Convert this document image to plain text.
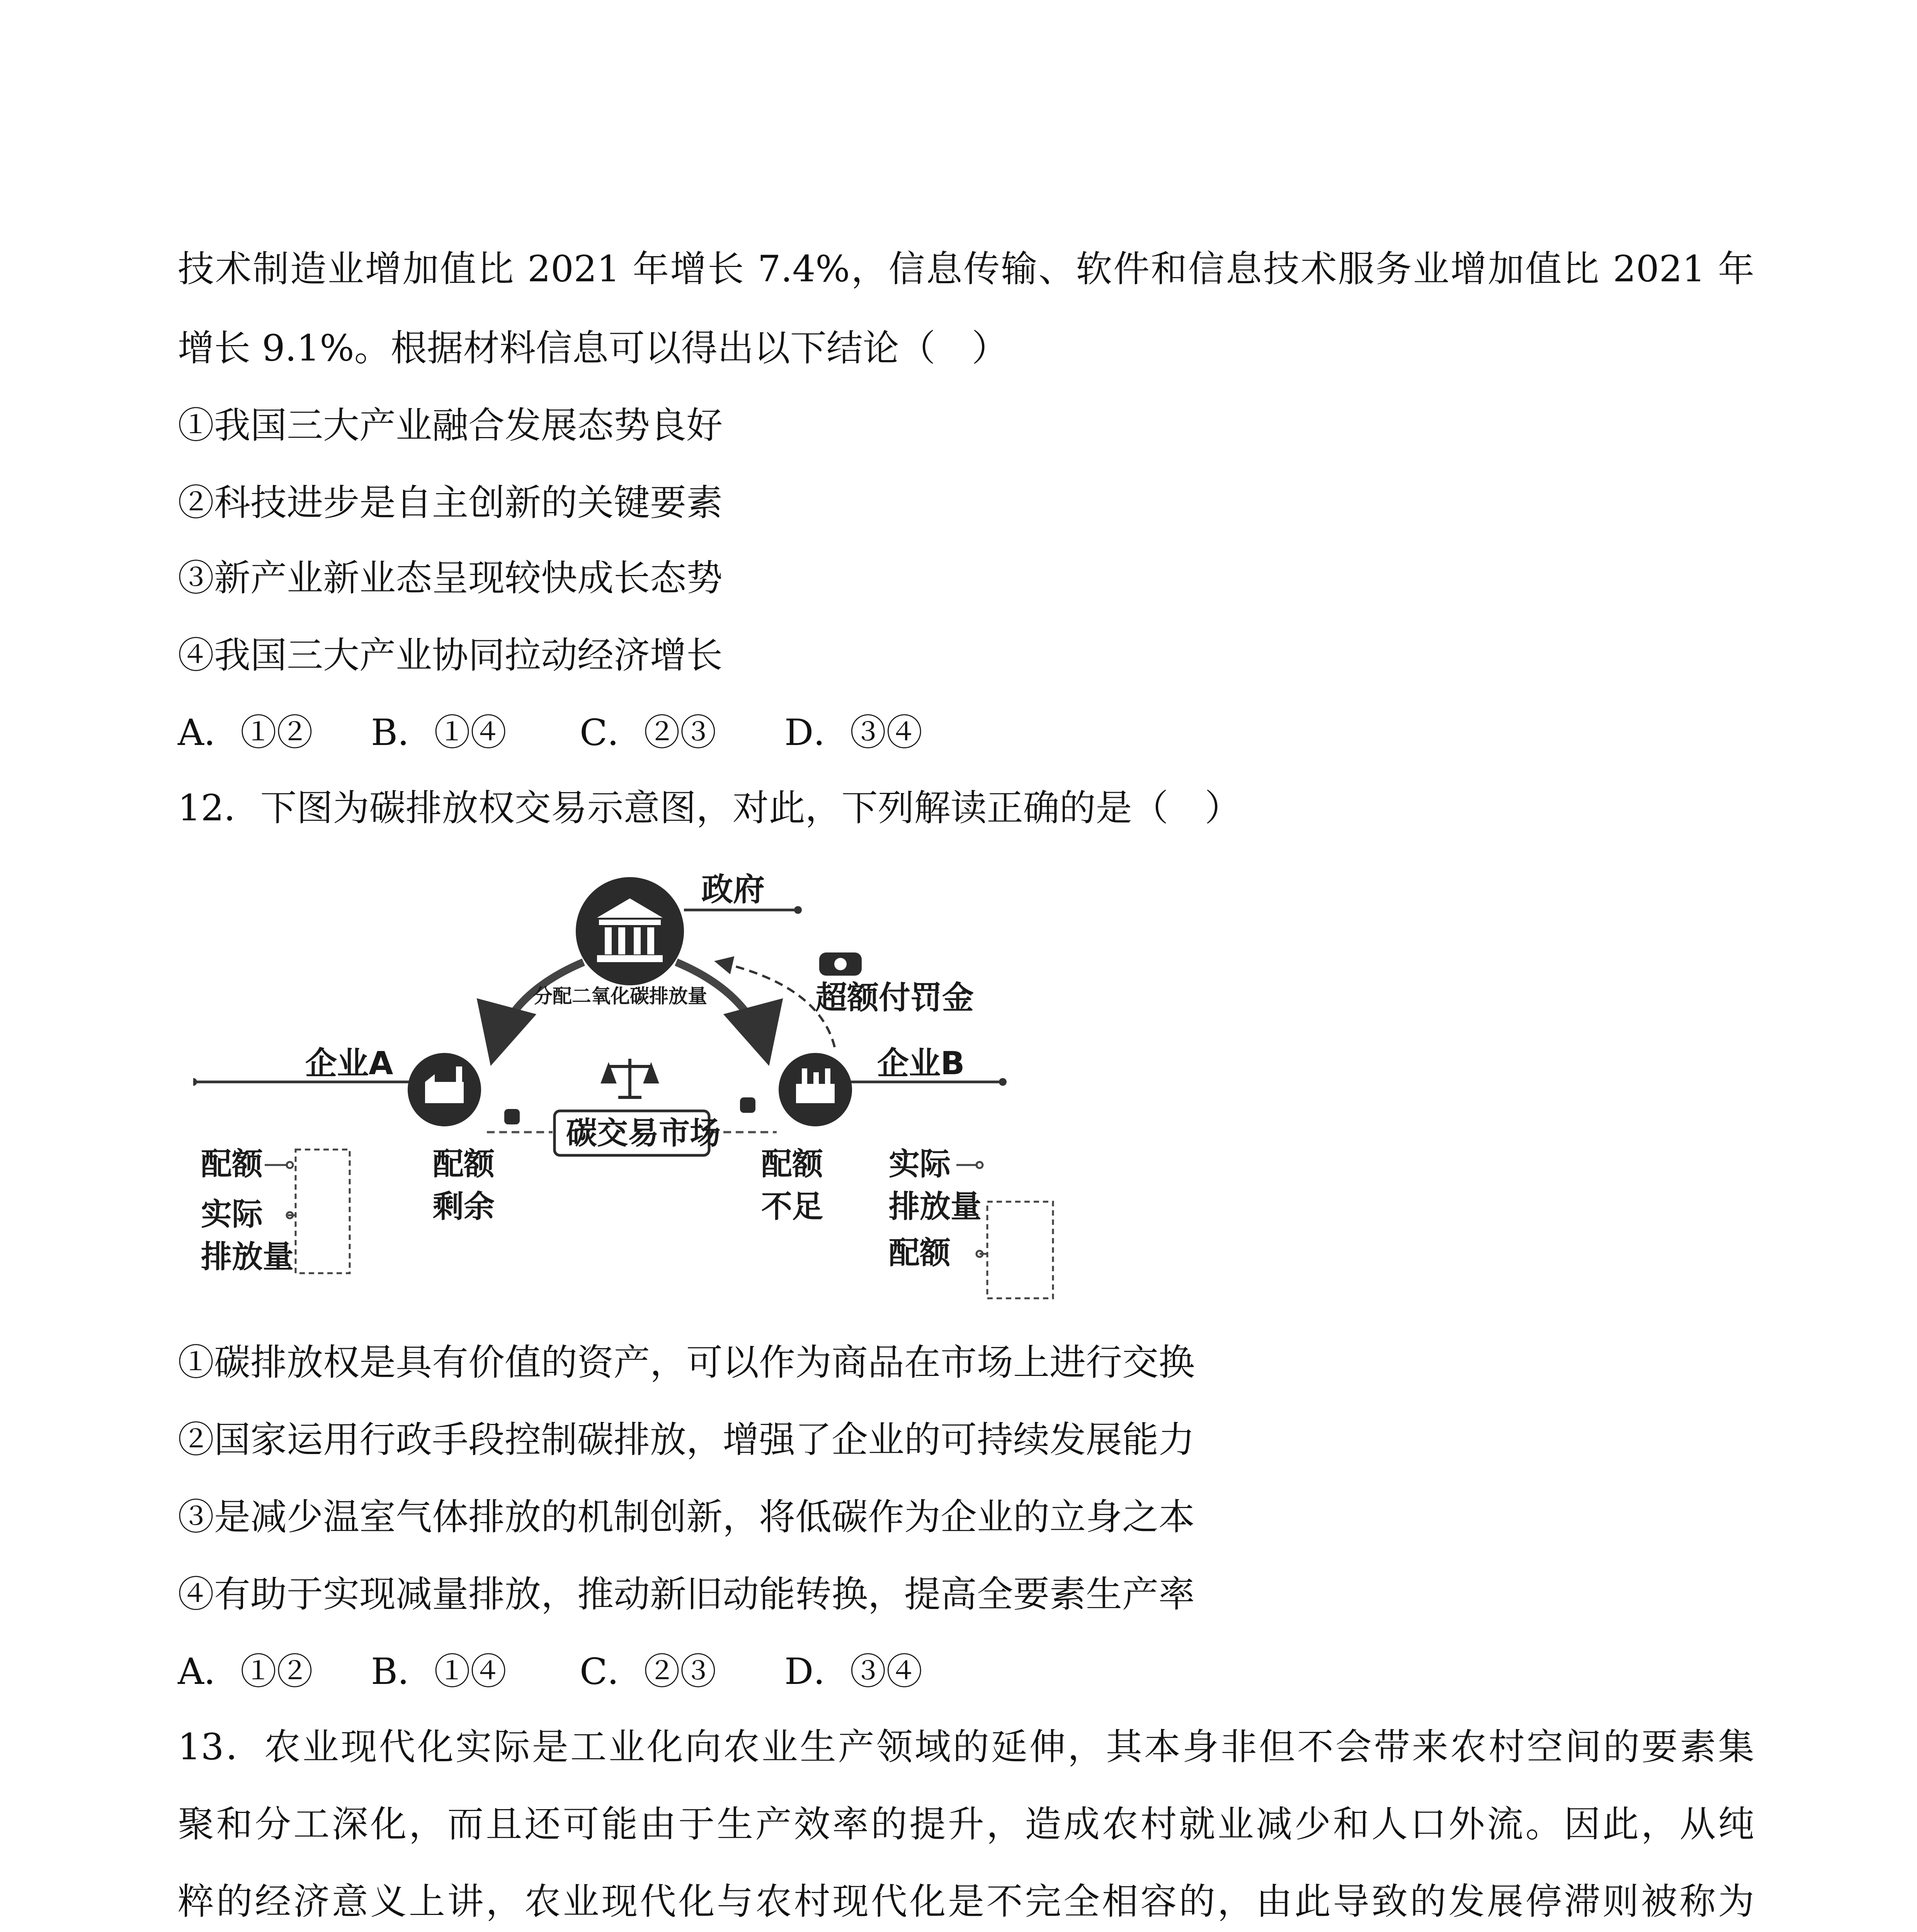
技术制造业增加值比 2021 年增长 7.4%，信息传输、软件和信息技术服务业增加值比 2021 年
增长 9.1%。根据材料信息可以得出以下结论（　）
①我国三大产业融合发展态势良好
②科技进步是自主创新的关键要素
③新产业新业态呈现较快成长态势
④我国三大产业协同拉动经济增长
A．①② B．①④ C．②③ D．③④
12．下图为碳排放权交易示意图，对此，下列解读正确的是（　）
政府
分配二氧化碳排放量	超额付罚金
企业A	企业B
碳交易市场
配额
剩余
配额
不足
配额
实际
排放量
实际
排放量
配额
①碳排放权是具有价值的资产，可以作为商品在市场上进行交换
②国家运用行政手段控制碳排放，增强了企业的可持续发展能力
③是减少温室气体排放的机制创新，将低碳作为企业的立身之本
④有助于实现减量排放，推动新旧动能转换，提高全要素生产率
A．①② B．①④ C．②③ D．③④
13．农业现代化实际是工业化向农业生产领域的延伸，其本身非但不会带来农村空间的要素集
聚和分工深化，而且还可能由于生产效率的提升，造成农村就业减少和人口外流。因此，从纯
粹的经济意义上讲，农业现代化与农村现代化是不完全相容的，由此导致的发展停滞则被称为
